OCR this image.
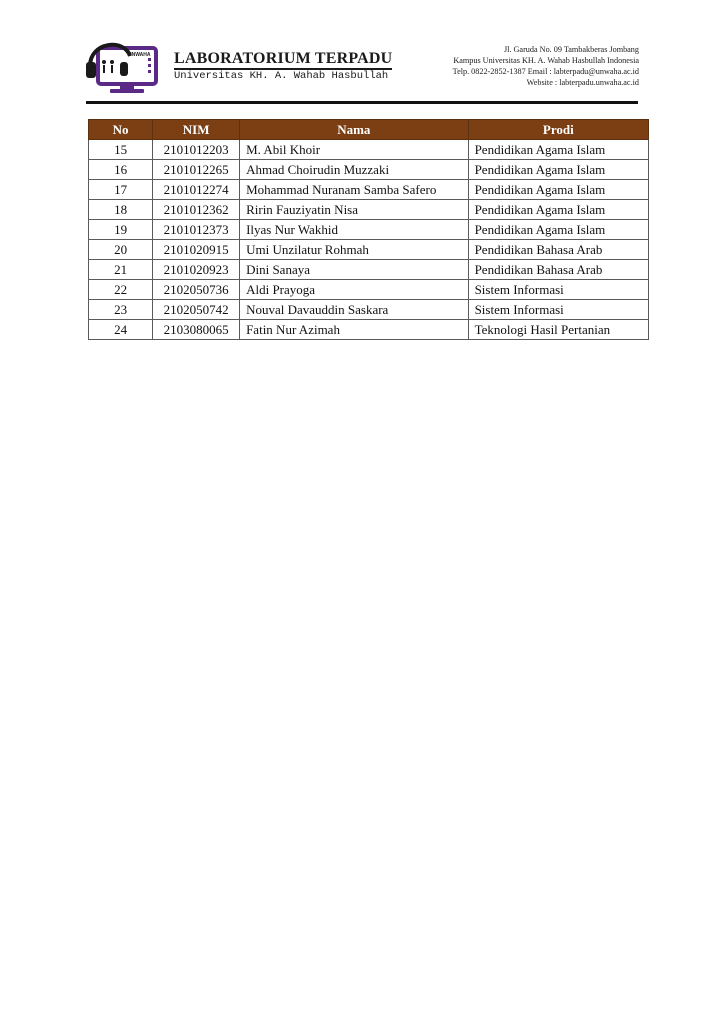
UNWAHA LABORATORIUM TERPADU
Universitas KH. A. Wahab Hasbullah
Jl. Garuda No. 09 Tambakberas Jombang
Kampus Universitas KH. A. Wahab Hasbullah Indonesia
Telp. 0822-2852-1387 Email : labterpadu@unwaha.ac.id
Website : labterpadu.unwaha.ac.id
No	NIM	Nama	Prodi
15	2101012203	M. Abil Khoir	Pendidikan Agama Islam
16	2101012265	Ahmad Choirudin Muzzaki	Pendidikan Agama Islam
17	2101012274	Mohammad Nuranam Samba Safero	Pendidikan Agama Islam
18	2101012362	Ririn Fauziyatin Nisa	Pendidikan Agama Islam
19	2101012373	Ilyas Nur Wakhid	Pendidikan Agama Islam
20	2101020915	Umi Unzilatur Rohmah	Pendidikan Bahasa Arab
21	2101020923	Dini Sanaya	Pendidikan Bahasa Arab
22	2102050736	Aldi Prayoga	Sistem Informasi
23	2102050742	Nouval Davauddin Saskara	Sistem Informasi
24	2103080065	Fatin Nur Azimah	Teknologi Hasil Pertanian
